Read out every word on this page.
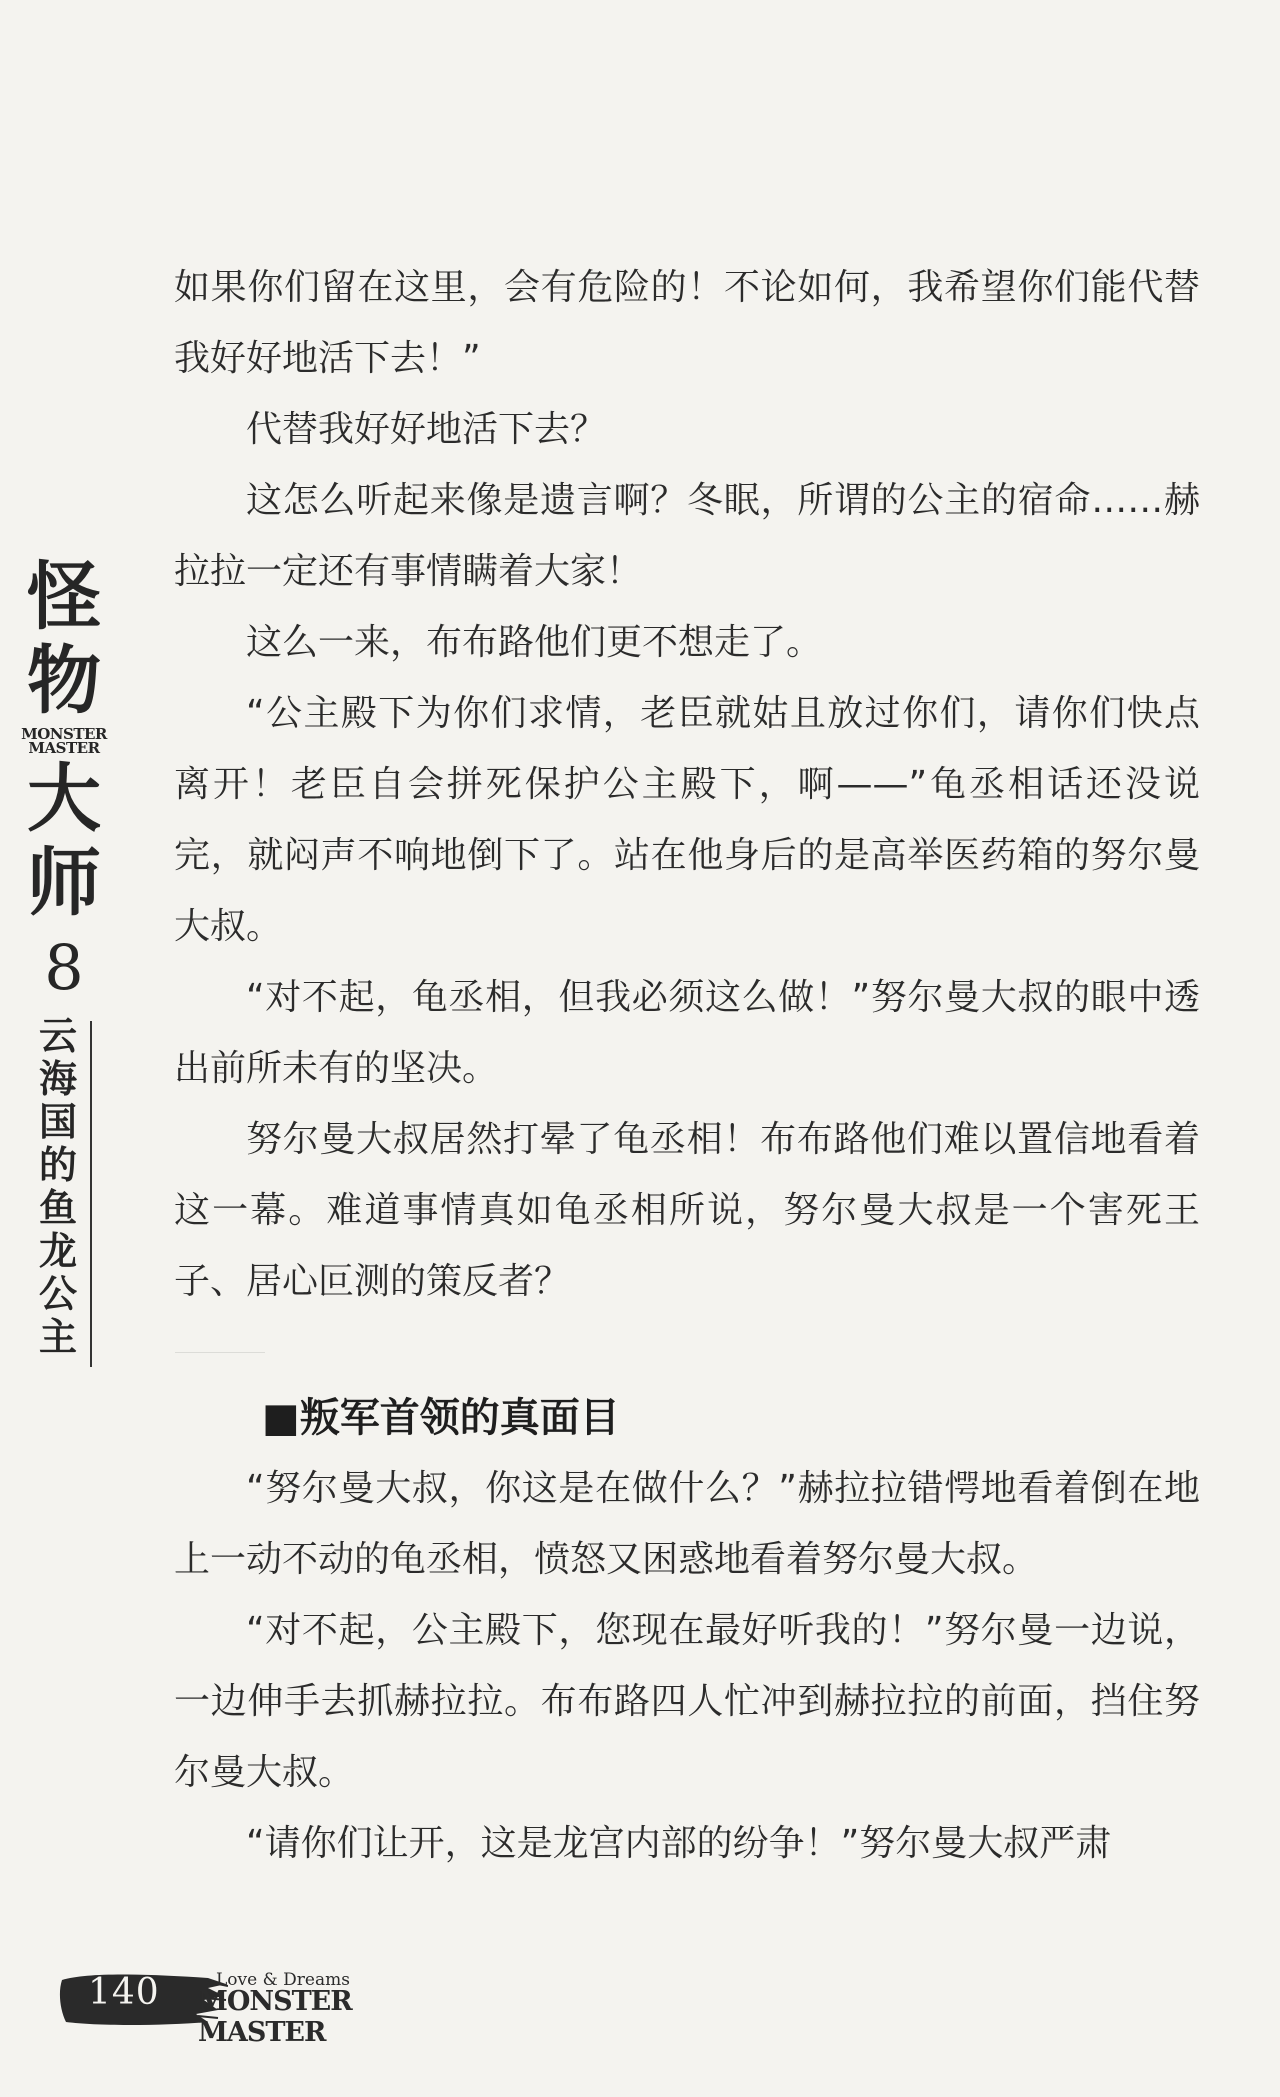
怪
物
MONSTER
MASTER
大
师
8
云海国的鱼龙公主

如果你们留在这里，会有危险的！不论如何，我希望你们能代替我好好地活下去！”

代替我好好地活下去？

这怎么听起来像是遗言啊？冬眠，所谓的公主的宿命……赫拉拉一定还有事情瞒着大家！

这么一来，布布路他们更不想走了。

“公主殿下为你们求情，老臣就姑且放过你们，请你们快点离开！老臣自会拼死保护公主殿下，啊——”龟丞相话还没说完，就闷声不响地倒下了。站在他身后的是高举医药箱的努尔曼大叔。

“对不起，龟丞相，但我必须这么做！”努尔曼大叔的眼中透出前所未有的坚决。

努尔曼大叔居然打晕了龟丞相！布布路他们难以置信地看着这一幕。难道事情真如龟丞相所说，努尔曼大叔是一个害死王子、居心叵测的策反者？

■叛军首领的真面目

“努尔曼大叔，你这是在做什么？”赫拉拉错愕地看着倒在地上一动不动的龟丞相，愤怒又困惑地看着努尔曼大叔。

“对不起，公主殿下，您现在最好听我的！”努尔曼一边说，一边伸手去抓赫拉拉。布布路四人忙冲到赫拉拉的前面，挡住努尔曼大叔。

“请你们让开，这是龙宫内部的纷争！”努尔曼大叔严肃

140	Love & Dreams
MONSTER MASTER
